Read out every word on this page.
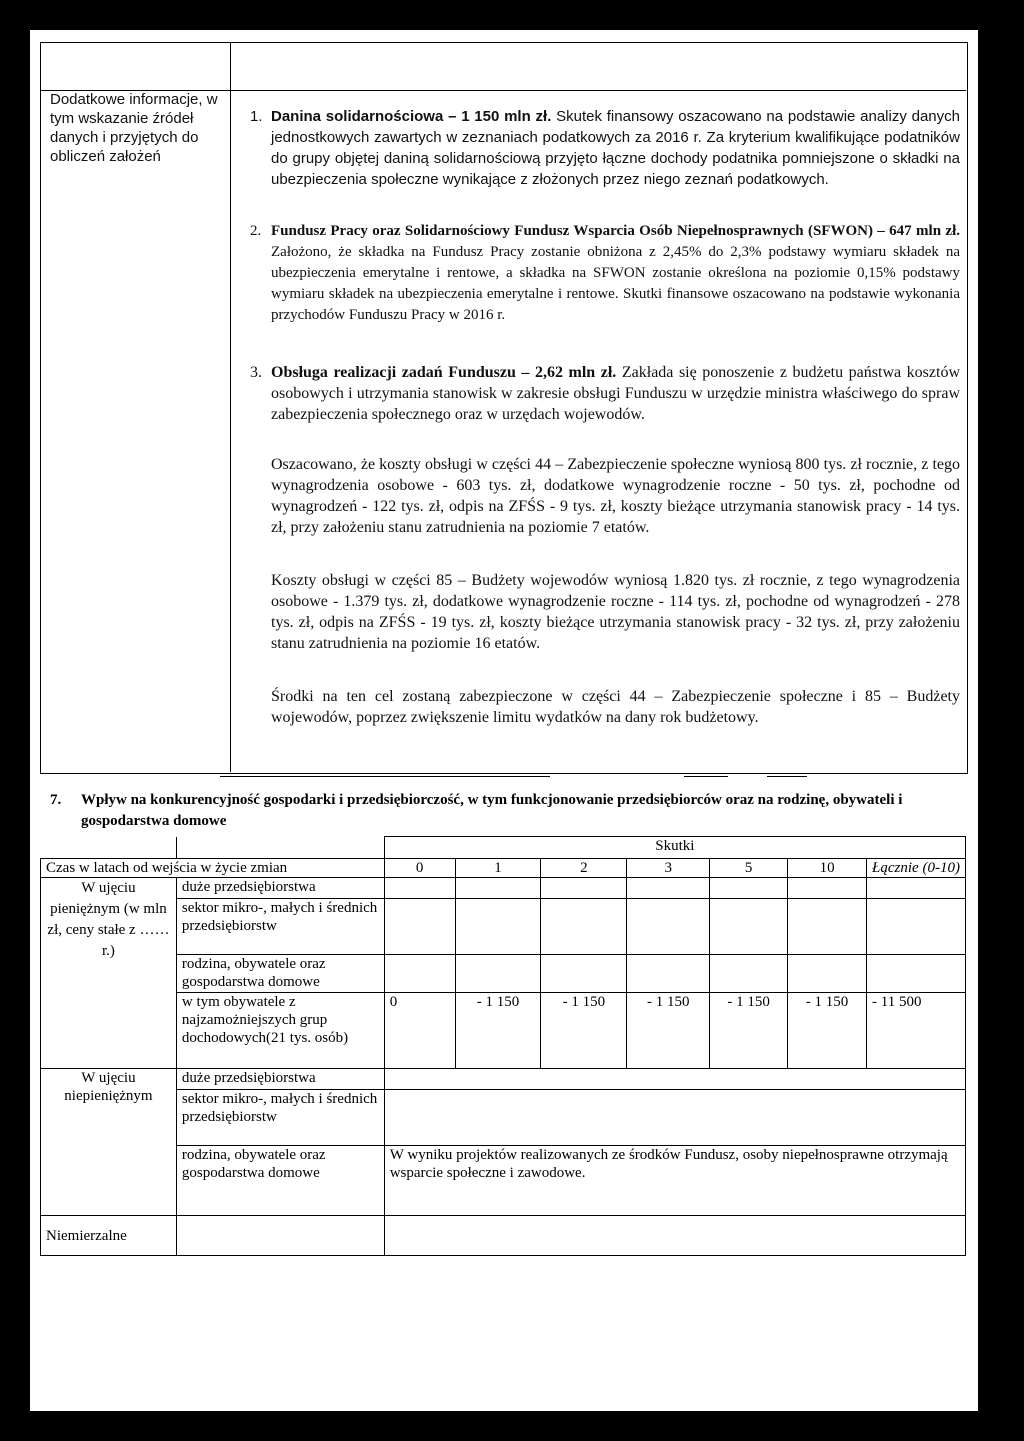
Dodatkowe informacje, w tym wskazanie źródeł danych i przyjętych do obliczeń założeń
1. Danina solidarnościowa – 1 150 mln zł. Skutek finansowy oszacowano na podstawie analizy danych jednostkowych zawartych w zeznaniach podatkowych za 2016 r. Za kryterium kwalifikujące podatników do grupy objętej daniną solidarnościową przyjęto łączne dochody podatnika pomniejszone o składki na ubezpieczenia społeczne wynikające z złożonych przez niego zeznań podatkowych.
2. Fundusz Pracy oraz Solidarnościowy Fundusz Wsparcia Osób Niepełnosprawnych (SFWON) – 647 mln zł. Założono, że składka na Fundusz Pracy zostanie obniżona z 2,45% do 2,3% podstawy wymiaru składek na ubezpieczenia emerytalne i rentowe, a składka na SFWON zostanie określona na poziomie 0,15% podstawy wymiaru składek na ubezpieczenia emerytalne i rentowe. Skutki finansowe oszacowano na podstawie wykonania przychodów Funduszu Pracy w 2016 r.
3. Obsługa realizacji zadań Funduszu – 2,62 mln zł. Zakłada się ponoszenie z budżetu państwa kosztów osobowych i utrzymania stanowisk w zakresie obsługi Funduszu w urzędzie ministra właściwego do spraw zabezpieczenia społecznego oraz w urzędach wojewodów.
Oszacowano, że koszty obsługi w części 44 – Zabezpieczenie społeczne wyniosą 800 tys. zł rocznie, z tego wynagrodzenia osobowe - 603 tys. zł, dodatkowe wynagrodzenie roczne - 50 tys. zł, pochodne od wynagrodzeń - 122 tys. zł, odpis na ZFŚS - 9 tys. zł, koszty bieżące utrzymania stanowisk pracy - 14 tys. zł, przy założeniu stanu zatrudnienia na poziomie 7 etatów.
Koszty obsługi w części 85 – Budżety wojewodów wyniosą 1.820 tys. zł rocznie, z tego wynagrodzenia osobowe - 1.379 tys. zł, dodatkowe wynagrodzenie roczne - 114 tys. zł, pochodne od wynagrodzeń - 278 tys. zł, odpis na ZFŚS - 19 tys. zł, koszty bieżące utrzymania stanowisk pracy - 32 tys. zł, przy założeniu stanu zatrudnienia na poziomie 16 etatów.
Środki na ten cel zostaną zabezpieczone w części 44 – Zabezpieczenie społeczne i 85 – Budżety wojewodów, poprzez zwiększenie limitu wydatków na dany rok budżetowy.
7. Wpływ na konkurencyjność gospodarki i przedsiębiorczość, w tym funkcjonowanie przedsiębiorców oraz na rodzinę, obywateli i gospodarstwa domowe
		Skutki						
Czas w latach od wejścia w życie zmian		0	1	2	3	5	10	Łącznie (0-10)
W ujęciu pieniężnym (w mln zł, ceny stałe z …… r.)	duże przedsiębiorstwa							
	sektor mikro-, małych i średnich przedsiębiorstw							
	rodzina, obywatele oraz gospodarstwa domowe							
	w tym obywatele z najzamożniejszych grup dochodowych(21 tys. osób)	0	- 1 150	- 1 150	- 1 150	- 1 150	- 1 150	- 11 500
W ujęciu niepieniężnym	duże przedsiębiorstwa							
	sektor mikro-, małych i średnich przedsiębiorstw							
	rodzina, obywatele oraz gospodarstwa domowe	W wyniku projektów realizowanych ze środków Fundusz, osoby niepełnosprawne otrzymają wsparcie społeczne i zawodowe.						
Niemierzalne								
